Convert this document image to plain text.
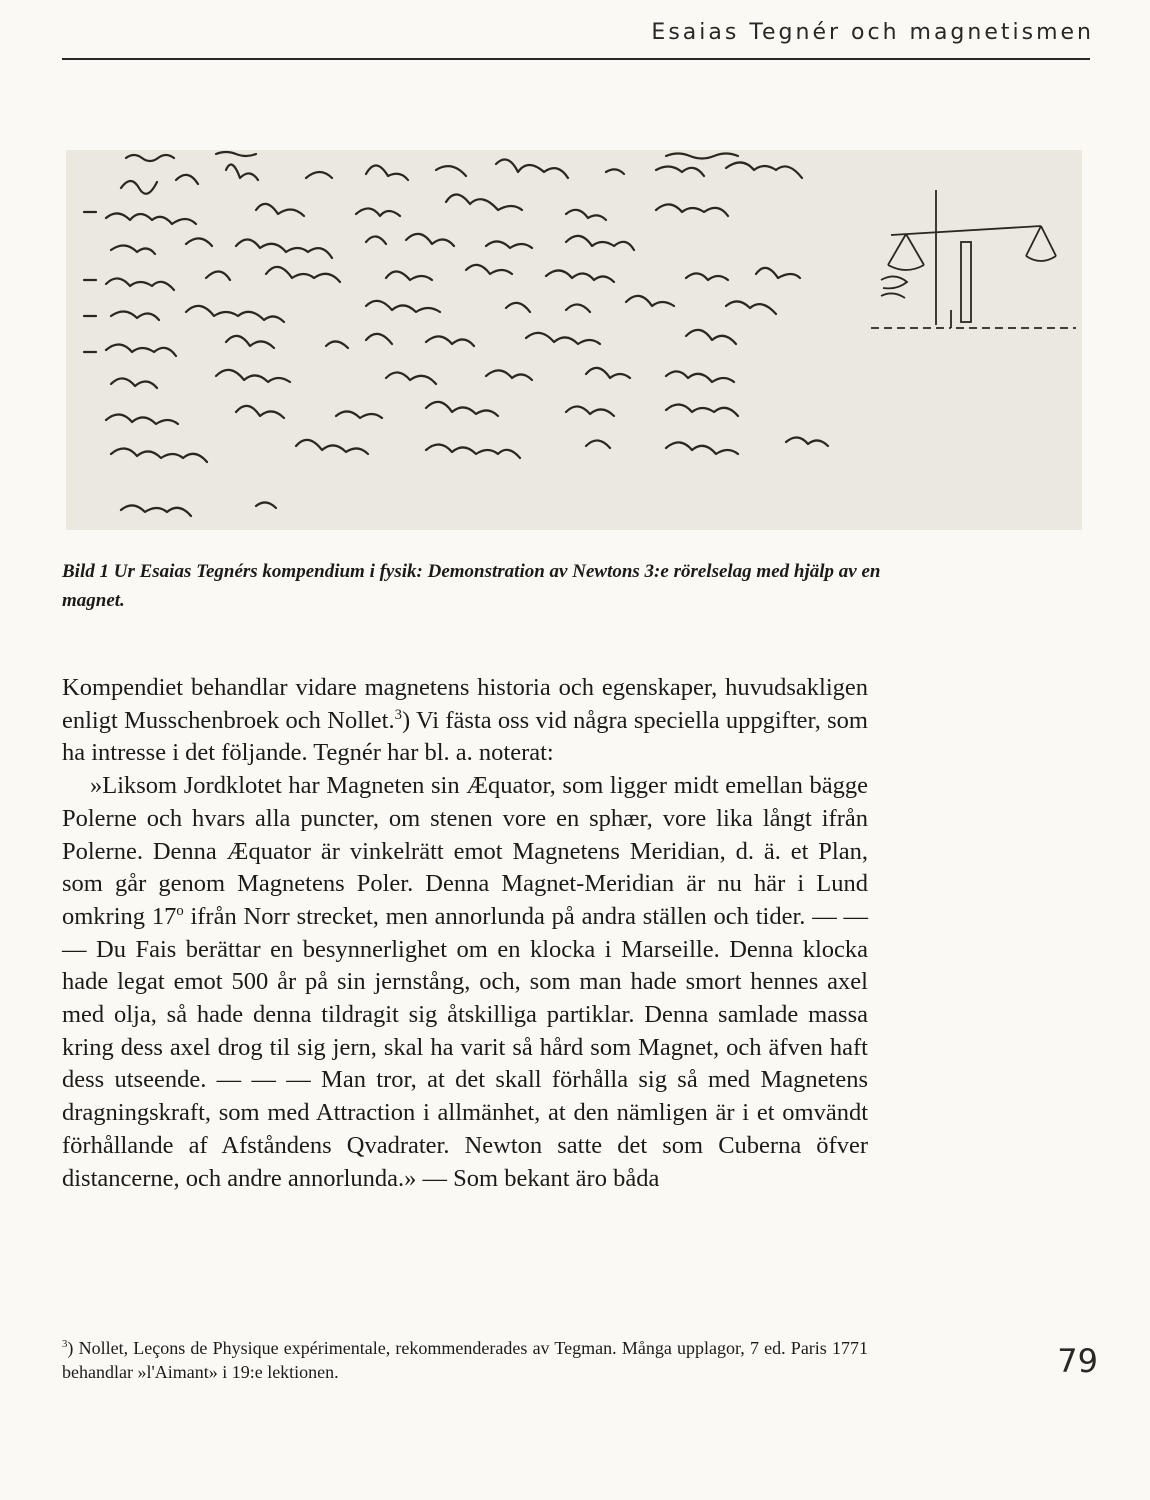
Esaias Tegnér och magnetismen
Bild 1 Ur Esaias Tegnérs kompendium i fysik: Demonstration av Newtons 3:e rörelselag med hjälp av en magnet.

Kompendiet behandlar vidare magnetens historia och egenskaper, huvudsakligen enligt Musschenbroek och Nollet.$^3$) Vi fästa oss vid några speciella uppgifter, som ha intresse i det följande. Tegnér har bl. a. noterat:

»Liksom Jordklotet har Magneten sin Æquator, som ligger midt emellan bägge Polerne och hvars alla puncter, om stenen vore en sphær, vore lika långt ifrån Polerne. Denna Æquator är vinkelrätt emot Magnetens Meridian, d. ä. et Plan, som går genom Magnetens Poler. Denna Magnet-Meridian är nu här i Lund omkring 17$^o$ ifrån Norr strecket, men annorlunda på andra ställen och tider. — — — Du Fais berättar en besynnerlighet om en klocka i Marseille. Denna klocka hade legat emot 500 år på sin jernstång, och, som man hade smort hennes axel med olja, så hade denna tildragit sig åtskilliga partiklar. Denna samlade massa kring dess axel drog til sig jern, skal ha varit så hård som Magnet, och äfven haft dess utseende. — — — Man tror, at det skall förhålla sig så med Magnetens dragningskraft, som med Attraction i allmänhet, at den nämligen är i et omvändt förhållande af Afståndens Qvadrater. Newton satte det som Cuberna öfver distancerne, och andre annorlunda.» — Som bekant äro båda

$^3$) Nollet, Leçons de Physique expérimentale, rekommenderades av Tegman. Många upplagor, 7 ed. Paris 1771 behandlar »l'Aimant» i 19:e lektionen.	79
